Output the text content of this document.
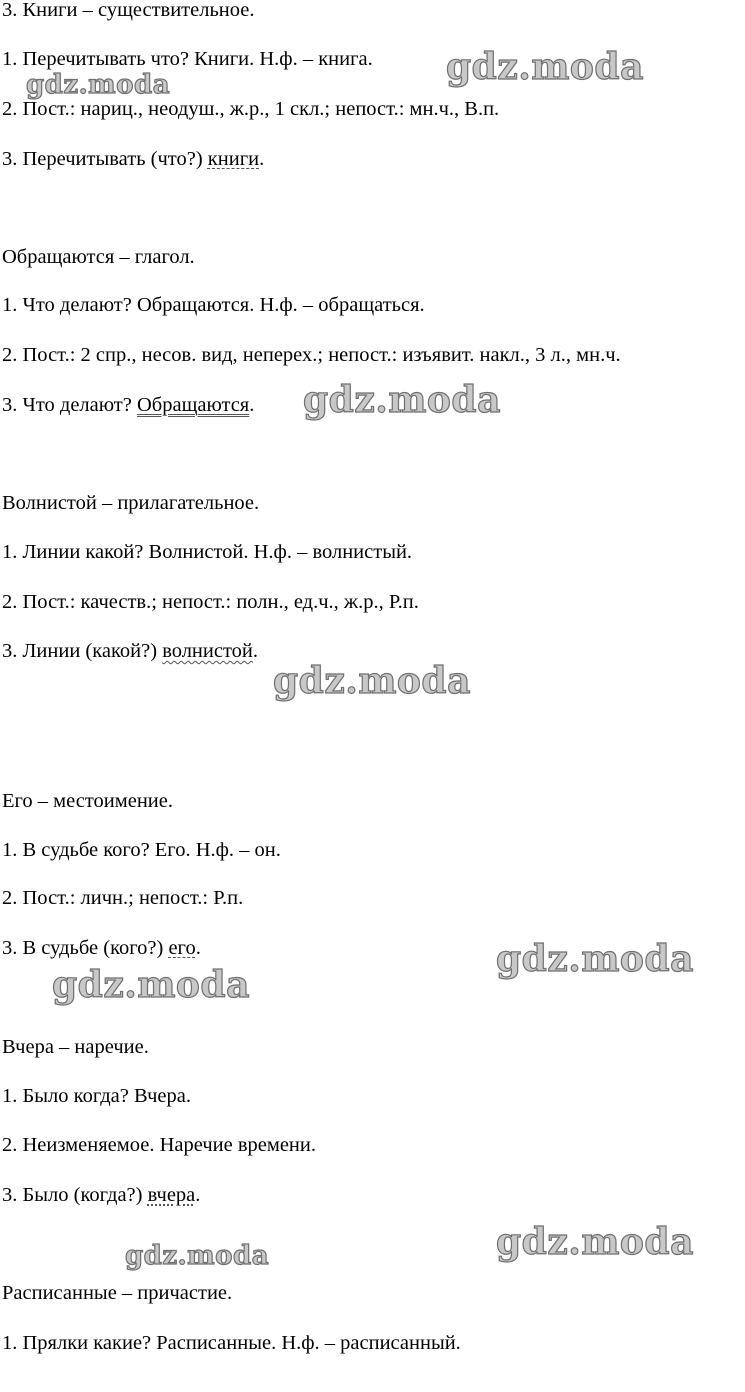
3. Книги – существительное.
1. Перечитывать что? Книги. Н.ф. – книга.
2. Пост.: нариц., неодуш., ж.р., 1 скл.; непост.: мн.ч., В.п.
3. Перечитывать (что?) книги.
Обращаются – глагол.
1. Что делают? Обращаются. Н.ф. – обращаться.
2. Пост.: 2 спр., несов. вид, неперех.; непост.: изъявит. накл., 3 л., мн.ч.
3. Что делают? Обращаются.
Волнистой – прилагательное.
1. Линии какой? Волнистой. Н.ф. – волнистый.
2. Пост.: качеств.; непост.: полн., ед.ч., ж.р., Р.п.
3. Линии (какой?) волнистой.
Его – местоимение.
1. В судьбе кого? Его. Н.ф. – он.
2. Пост.: личн.; непост.: Р.п.
3. В судьбе (кого?) его.
Вчера – наречие.
1. Было когда? Вчера.
2. Неизменяемое. Наречие времени.
3. Было (когда?) вчера.
Расписанные – причастие.
1. Прялки какие? Расписанные. Н.ф. – расписанный.
gdz.moda
gdz.moda
gdz.moda
gdz.moda
gdz.moda
gdz.moda
gdz.moda	gdz.moda
